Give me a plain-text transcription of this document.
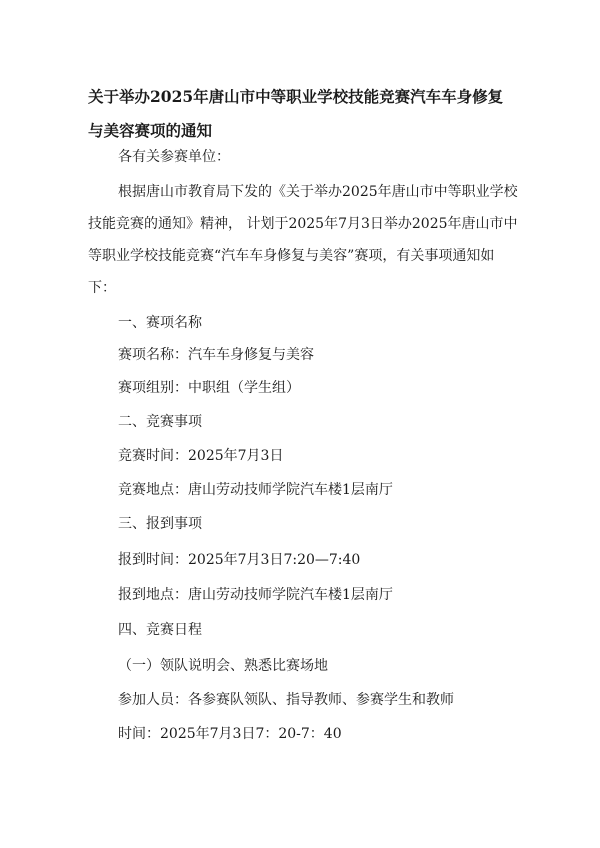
关于举办2025年唐山市中等职业学校技能竞赛汽车车身修复与美容赛项的通知
各有关参赛单位：
根据唐山市教育局下发的《关于举办2025年唐山市中等职业学校技能竞赛的通知》精神， 计划于2025年7月3日举办2025年唐山市中等职业学校技能竞赛“汽车车身修复与美容”赛项，有关事项通知如下：
一、赛项名称
赛项名称：汽车车身修复与美容
赛项组别：中职组（学生组）
二、竞赛事项
竞赛时间：2025年7月3日
竞赛地点：唐山劳动技师学院汽车楼1层南厅
三、报到事项
报到时间：2025年7月3日7:20—7:40
报到地点：唐山劳动技师学院汽车楼1层南厅
四、竞赛日程
（一）领队说明会、熟悉比赛场地
参加人员：各参赛队领队、指导教师、参赛学生和教师
时间：2025年7月3日7：20-7：40
